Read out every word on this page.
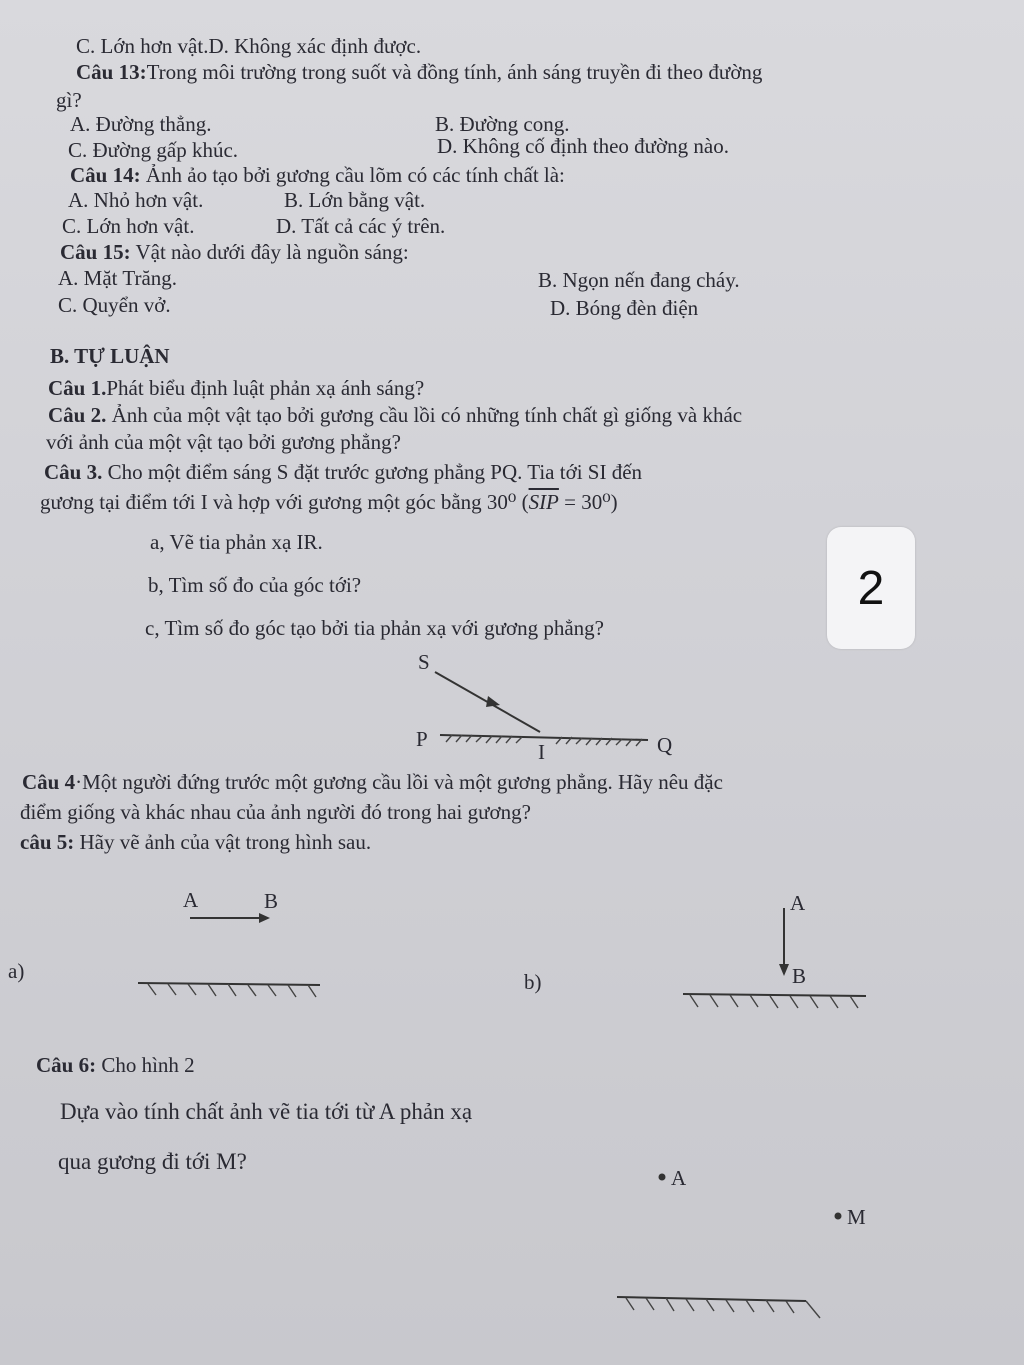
C. Lớn hơn vật.D. Không xác định được.
Câu 13:Trong môi trường trong suốt và đồng tính, ánh sáng truyền đi theo đường
gì?
A. Đường thẳng.	B. Đường cong.
C. Đường gấp khúc.	D. Không cố định theo đường nào.
Câu 14: Ảnh ảo tạo bởi gương cầu lõm có các tính chất là:
A. Nhỏ hơn vật.	B. Lớn bằng vật.
C. Lớn hơn vật.	D. Tất cả các ý trên.
Câu 15: Vật nào dưới đây là nguồn sáng:
A. Mặt Trăng.	B. Ngọn nến đang cháy.
C. Quyển vở.	D. Bóng đèn điện
B. TỰ LUẬN
Câu 1.Phát biểu định luật phản xạ ánh sáng?
Câu 2. Ảnh của một vật tạo bởi gương cầu lồi có những tính chất gì giống và khác
với ảnh của một vật tạo bởi gương phẳng?
Câu 3. Cho một điểm sáng S đặt trước gương phẳng PQ. Tia tới SI đến
gương tại điểm tới I và hợp với gương một góc bằng 30⁰ $(\overline{SIP} = 30^0)$
a, Vẽ tia phản xạ IR.
b, Tìm số đo của góc tới?
c, Tìm số đo góc tạo bởi tia phản xạ với gương phẳng?
S
P
I	Q
Câu 4·Một người đứng trước một gương cầu lồi và một gương phẳng. Hãy nêu đặc
điểm giống và khác nhau của ảnh người đó trong hai gương?
câu 5: Hãy vẽ ảnh của vật trong hình sau.
A	B
a)
A
B
b)
Câu 6: Cho hình 2
Dựa vào tính chất ảnh vẽ tia tới từ A phản xạ
qua gương đi tới M?
A
M
2
